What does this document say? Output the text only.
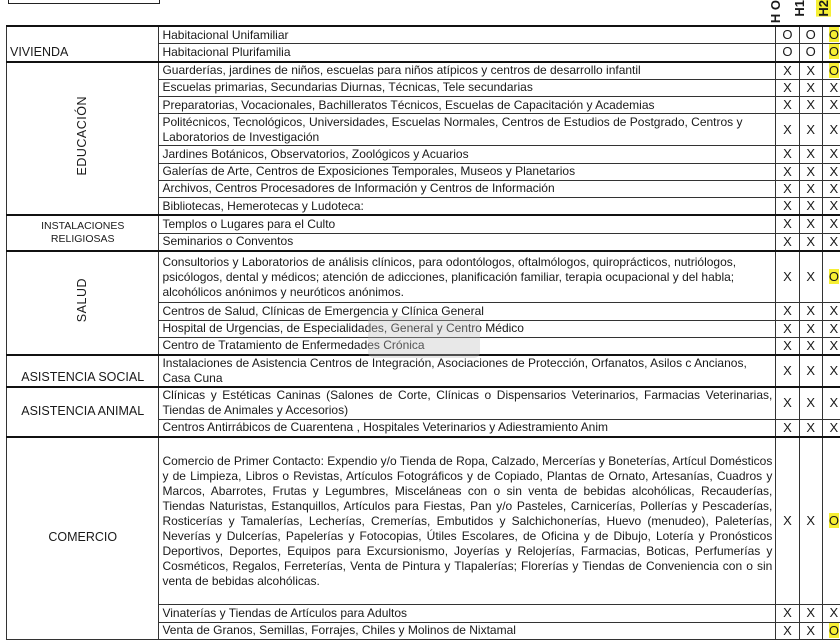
H O H1 H2
VIVIENDA	Habitacional Unifamiliar	O	O	O
	Habitacional Plurifamilia	O	O	O
EDUCACIÓN	Guarderías, jardines de niños, escuelas para niños atípicos y centros de desarrollo infantil	X	X	O
	Escuelas primarias, Secundarias Diurnas, Técnicas, Tele secundarias	X	X	X
	Preparatorias, Vocacionales, Bachilleratos Técnicos, Escuelas de Capacitación y Academias	X	X	X
	Politécnicos, Tecnológicos, Universidades, Escuelas Normales, Centros de Estudios de Postgrado, Centros y Laboratorios de Investigación	X	X	X
	Jardines Botánicos, Observatorios, Zoológicos y Acuarios	X	X	X
	Galerías de Arte, Centros de Exposiciones Temporales, Museos y Planetarios	X	X	X
	Archivos, Centros Procesadores de Información y Centros de Información	X	X	X
	Bibliotecas, Hemerotecas y Ludoteca:	X	X	X
INSTALACIONES RELIGIOSAS	Templos o Lugares para el Culto	X	X	X
	Seminarios o Conventos	X	X	X
SALUD	Consultorios y Laboratorios de análisis clínicos, para odontólogos, oftalmólogos, quiroprácticos, nutriólogos, psicólogos, dental y médicos; atención de adicciones, planificación familiar, terapia ocupacional y del habla; alcohólicos anónimos y neuróticos anónimos.	X	X	O
	Centros de Salud, Clínicas de Emergencia y Clínica General	X	X	X
	Hospital de Urgencias, de Especialidades, General y Centro Médico	X	X	X
	Centro de Tratamiento de Enfermedades Crónica	X	X	X
ASISTENCIA SOCIAL	Instalaciones de Asistencia Centros de Integración, Asociaciones de Protección, Orfanatos, Asilos c Ancianos, Casa Cuna	X	X	X
ASISTENCIA ANIMAL	Clínicas y Estéticas Caninas (Salones de Corte, Clínicas o Dispensarios Veterinarios, Farmacias Veterinarias, Tiendas de Animales y Accesorios)	X	X	X
	Centros Antirrábicos de Cuarentena , Hospitales Veterinarios y Adiestramiento Anim	X	X	X
COMERCIO	Comercio de Primer Contacto: Expendio y/o Tienda de Ropa, Calzado, Mercerías y Boneterías, Artícul Domésticos y de Limpieza, Libros o Revistas, Artículos Fotográficos y de Copiado, Plantas de Ornato, Artesanías, Cuadros y Marcos, Abarrotes, Frutas y Legumbres, Misceláneas con o sin venta de bebidas alcohólicas, Recauderías, Tiendas Naturistas, Estanquillos, Artículos para Fiestas, Pan y/o Pasteles, Carnicerías, Pollerías y Pescaderías, Rosticerías y Tamalerías, Lecherías, Cremerías, Embutidos y Salchichonerías, Huevo (menudeo), Paleterías, Neverías y Dulcerías, Papelerías y Fotocopias, Útiles Escolares, de Oficina y de Dibujo, Lotería y Pronósticos Deportivos, Deportes, Equipos para Excursionismo, Joyerías y Relojerías, Farmacias, Boticas, Perfumerías y Cosméticos, Regalos, Ferreterías, Venta de Pintura y Tlapalerías; Florerías y Tiendas de Conveniencia con o sin venta de bebidas alcohólicas.	X	X	O
	Vinaterías y Tiendas de Artículos para Adultos	X	X	X
	Venta de Granos, Semillas, Forrajes, Chiles y Molinos de Nixtamal	X	X	O
